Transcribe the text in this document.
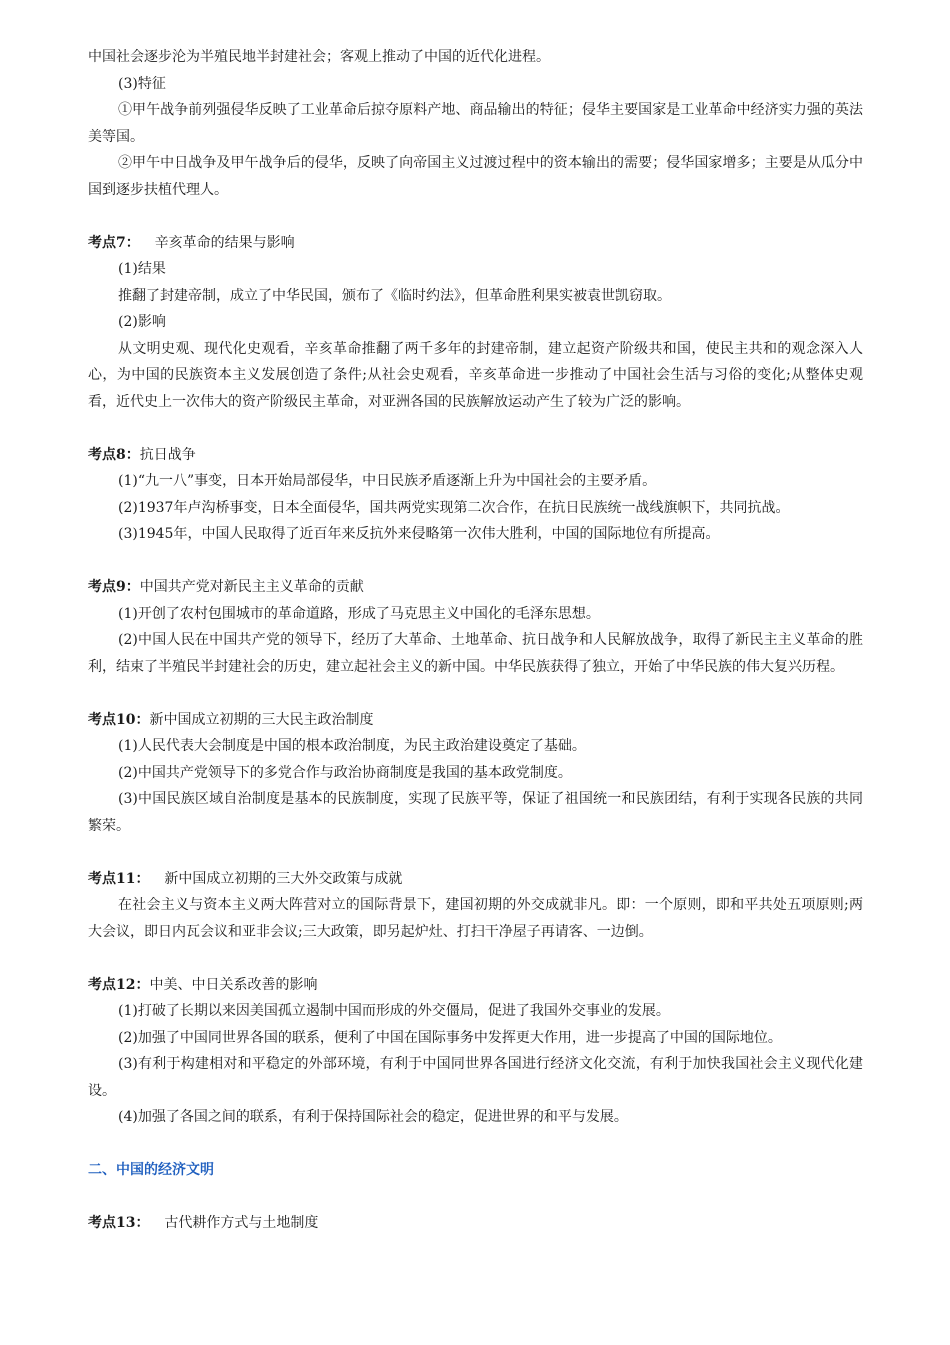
中国社会逐步沦为半殖民地半封建社会；客观上推动了中国的近代化进程。
(3)特征
①甲午战争前列强侵华反映了工业革命后掠夺原料产地、商品输出的特征；侵华主要国家是工业革命中经济实力强的英法美等国。
②甲午中日战争及甲午战争后的侵华，反映了向帝国主义过渡过程中的资本输出的需要；侵华国家增多；主要是从瓜分中国到逐步扶植代理人。
考点7： 辛亥革命的结果与影响
(1)结果
推翻了封建帝制，成立了中华民国，颁布了《临时约法》，但革命胜利果实被袁世凯窃取。
(2)影响
从文明史观、现代化史观看，辛亥革命推翻了两千多年的封建帝制，建立起资产阶级共和国，使民主共和的观念深入人心，为中国的民族资本主义发展创造了条件;从社会史观看，辛亥革命进一步推动了中国社会生活与习俗的变化;从整体史观看，近代史上一次伟大的资产阶级民主革命，对亚洲各国的民族解放运动产生了较为广泛的影响。
考点8：抗日战争
(1)“九一八”事变，日本开始局部侵华，中日民族矛盾逐渐上升为中国社会的主要矛盾。
(2)1937年卢沟桥事变，日本全面侵华，国共两党实现第二次合作，在抗日民族统一战线旗帜下，共同抗战。
(3)1945年，中国人民取得了近百年来反抗外来侵略第一次伟大胜利，中国的国际地位有所提高。
考点9：中国共产党对新民主主义革命的贡献
(1)开创了农村包围城市的革命道路，形成了马克思主义中国化的毛泽东思想。
(2)中国人民在中国共产党的领导下，经历了大革命、土地革命、抗日战争和人民解放战争，取得了新民主主义革命的胜利，结束了半殖民半封建社会的历史，建立起社会主义的新中国。中华民族获得了独立，开始了中华民族的伟大复兴历程。
考点10：新中国成立初期的三大民主政治制度
(1)人民代表大会制度是中国的根本政治制度，为民主政治建设奠定了基础。
(2)中国共产党领导下的多党合作与政治协商制度是我国的基本政党制度。
(3)中国民族区域自治制度是基本的民族制度，实现了民族平等，保证了祖国统一和民族团结，有利于实现各民族的共同繁荣。
考点11： 新中国成立初期的三大外交政策与成就
在社会主义与资本主义两大阵营对立的国际背景下，建国初期的外交成就非凡。即：一个原则，即和平共处五项原则;两大会议，即日内瓦会议和亚非会议;三大政策，即另起炉灶、打扫干净屋子再请客、一边倒。
考点12：中美、中日关系改善的影响
(1)打破了长期以来因美国孤立遏制中国而形成的外交僵局，促进了我国外交事业的发展。
(2)加强了中国同世界各国的联系，便利了中国在国际事务中发挥更大作用，进一步提高了中国的国际地位。
(3)有利于构建相对和平稳定的外部环境，有利于中国同世界各国进行经济文化交流，有利于加快我国社会主义现代化建设。
(4)加强了各国之间的联系，有利于保持国际社会的稳定，促进世界的和平与发展。
二、中国的经济文明
考点13： 古代耕作方式与土地制度
